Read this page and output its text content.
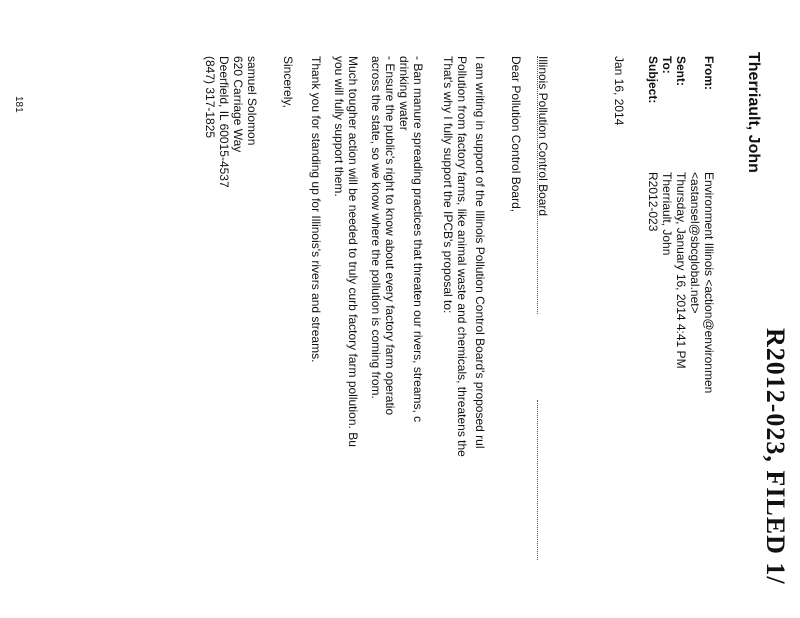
R2012-023, FILED 1/
Therriault, John
From:
Environment Illinois <action@environmen
<astansel@sbcglobal.net>
Sent:
Thursday, January 16, 2014 4:41 PM
To:
Therriault, John
Subject:
R2012-023
Jan 16, 2014

Illinois Pollution Control Board

Dear Pollution Control Board,

I am writing in support of the Illinois Pollution Control Board's proposed rul

Pollution from factory farms, like animal waste and chemicals, threatens the

That's why I fully support the IPCB's proposal to:

- Ban manure spreading practices that threaten our rivers, streams, c

drinking water

- Ensure the public's right to know about every factory farm operatio

across the state, so we know where the pollution is coming from.

Much tougher action will be needed to truly curb factory farm pollution. Bu

you will fully support them.

Thank you for standing up for Illinois's rivers and streams.

Sincerely,

samuel Solomon

620 Carriage Way

Deerfield, IL 60015-4537

(847) 317-1825

181
